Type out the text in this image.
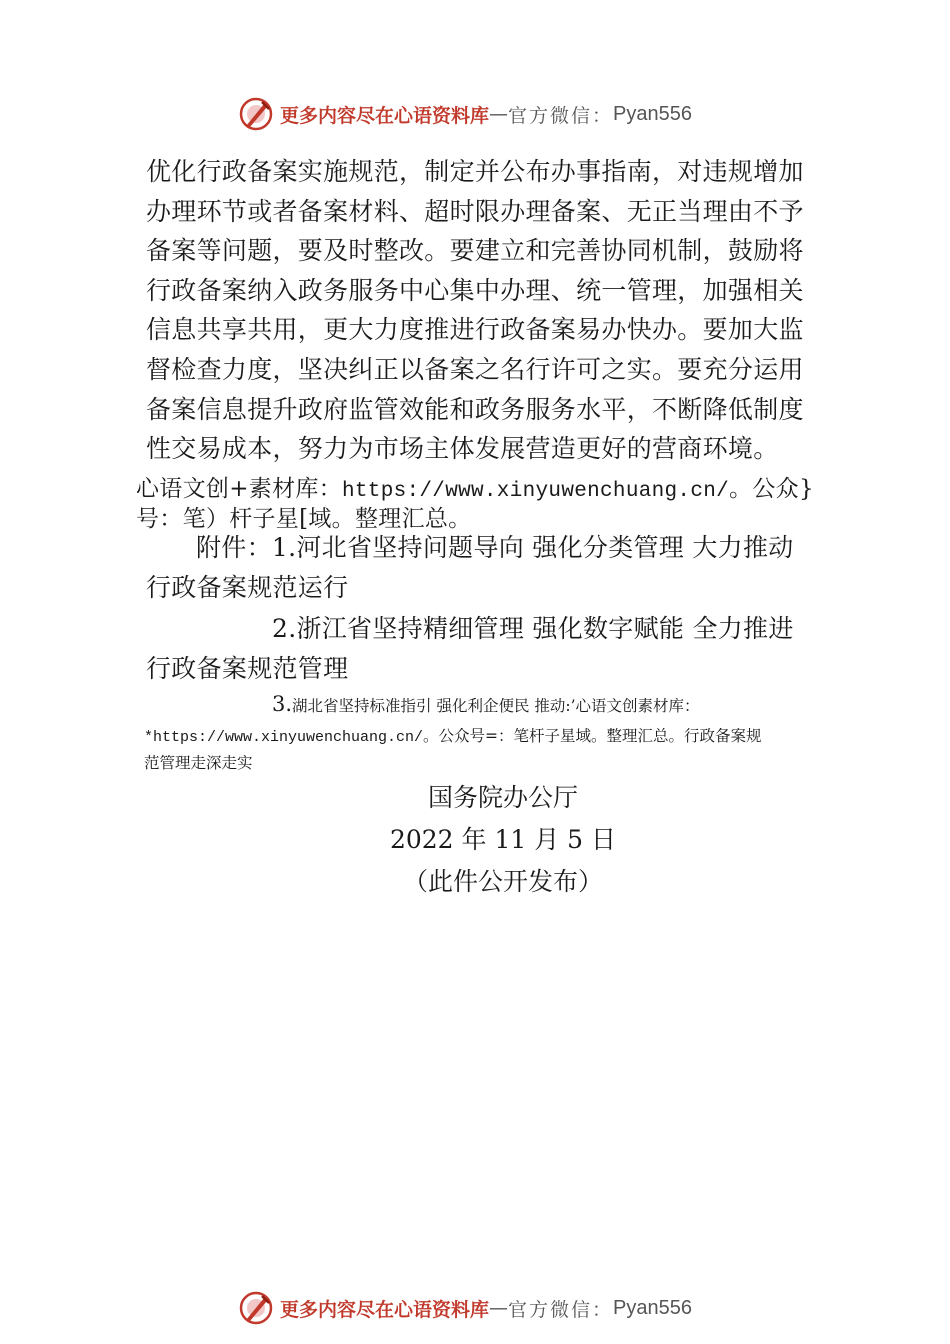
更多内容尽在心语资料库 — 官方微信： Pyan556
优化行政备案实施规范，制定并公布办事指南，对违规增加
办理环节或者备案材料、超时限办理备案、无正当理由不予
备案等问题，要及时整改。要建立和完善协同机制，鼓励将
行政备案纳入政务服务中心集中办理、统一管理，加强相关
信息共享共用，更大力度推进行政备案易办快办。要加大监
督检查力度，坚决纠正以备案之名行许可之实。要充分运用
备案信息提升政府监管效能和政务服务水平，不断降低制度
性交易成本，努力为市场主体发展营造更好的营商环境。
心语文创+素材库：https://www.xinyuwenchuang.cn/。公众}
号：笔）杆子星[域。整理汇总。
附件：1.河北省坚持问题导向 强化分类管理 大力推动
行政备案规范运行
2.浙江省坚持精细管理 强化数字赋能 全力推进
行政备案规范管理
3.湖北省坚持标准指引 强化利企便民 推动:’心语文创素材库：
*https://www.xinyuwenchuang.cn/。公众号=：笔杆子星域。整理汇总。行政备案规
范管理走深走实
国务院办公厅
2022 年 11 月 5 日
（此件公开发布）
更多内容尽在心语资料库 — 官方微信： Pyan556
